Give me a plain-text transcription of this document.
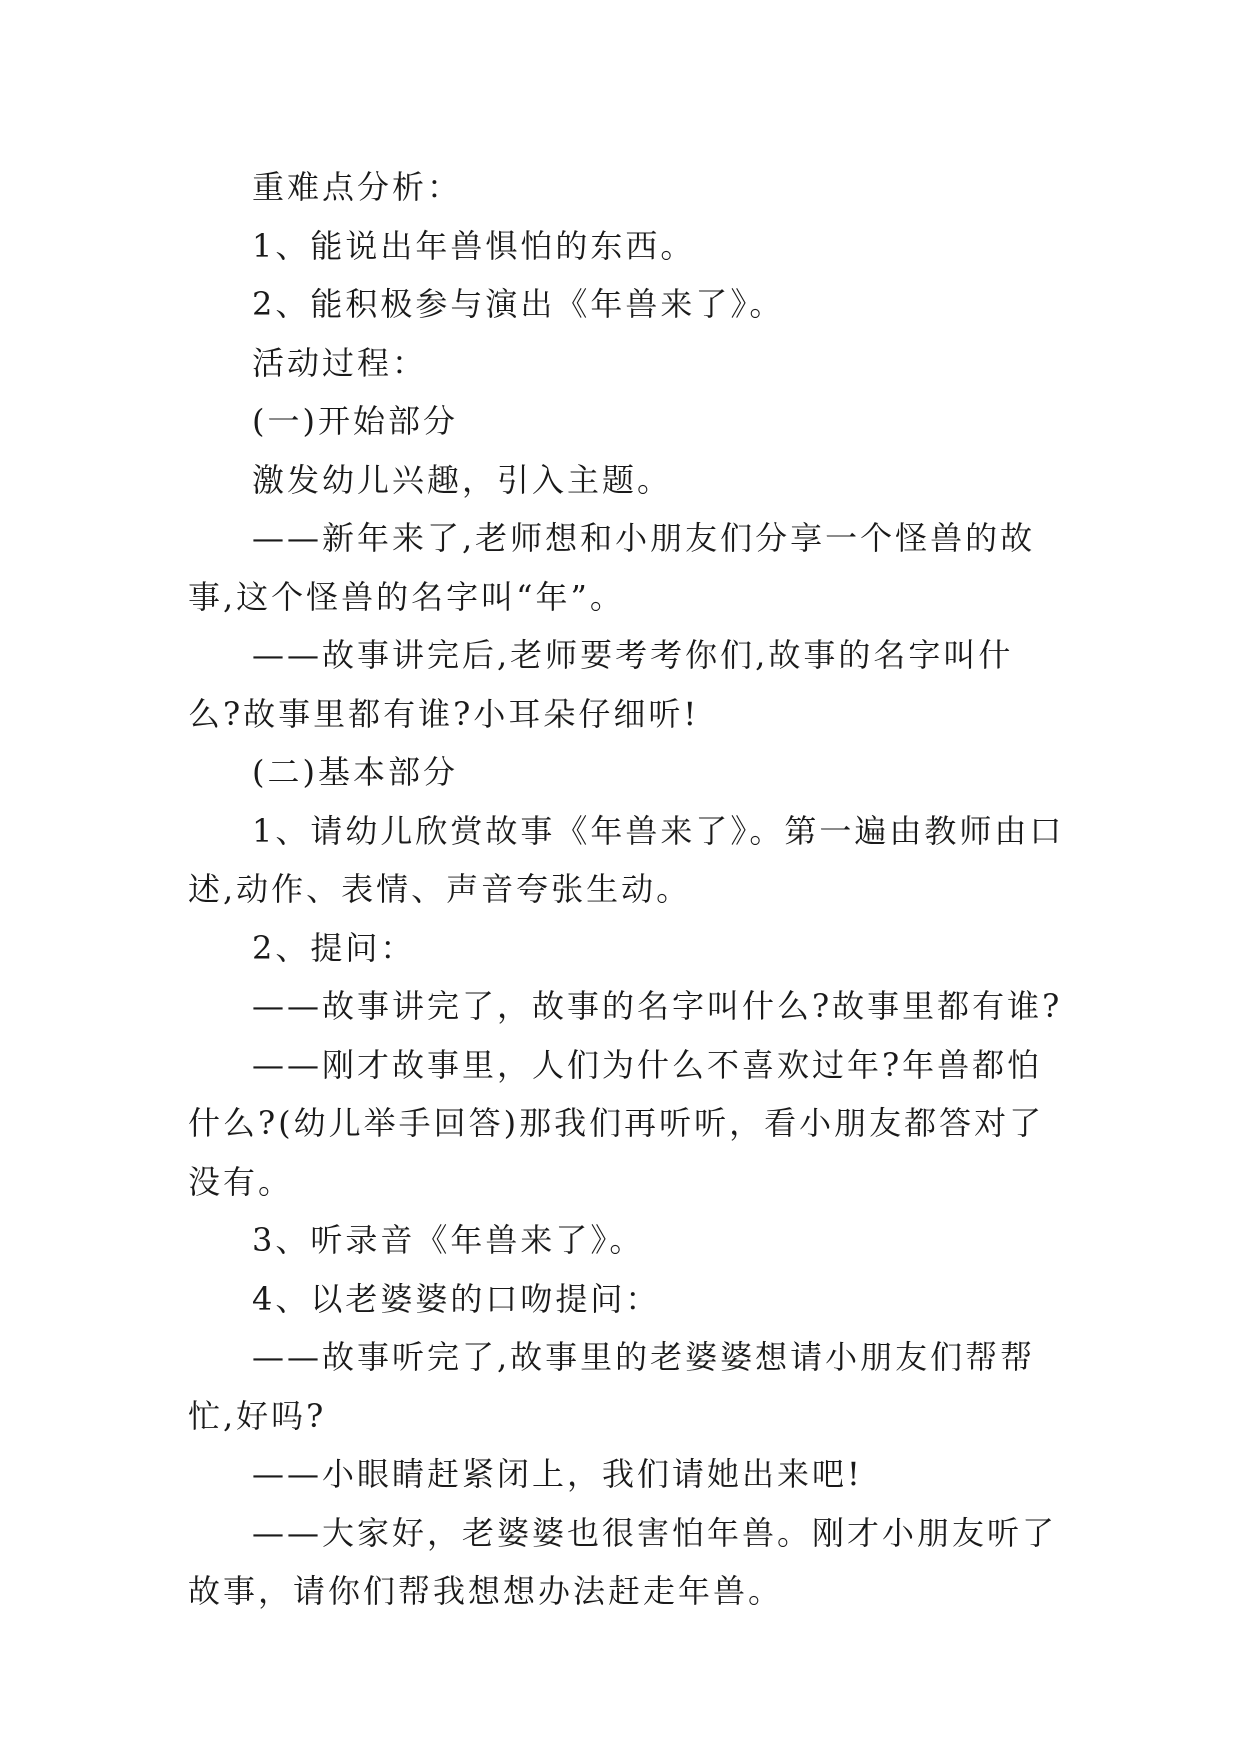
重难点分析：

1、能说出年兽惧怕的东西。

2、能积极参与演出《年兽来了》。

活动过程：

(一)开始部分

激发幼儿兴趣，引入主题。

——新年来了,老师想和小朋友们分享一个怪兽的故事,这个怪兽的名字叫“年”。

——故事讲完后,老师要考考你们,故事的名字叫什么?故事里都有谁?小耳朵仔细听!

(二)基本部分

1、请幼儿欣赏故事《年兽来了》。第一遍由教师由口述,动作、表情、声音夸张生动。

2、提问：

——故事讲完了，故事的名字叫什么?故事里都有谁?

——刚才故事里，人们为什么不喜欢过年?年兽都怕什么?(幼儿举手回答)那我们再听听，看小朋友都答对了没有。

3、听录音《年兽来了》。

4、以老婆婆的口吻提问：

——故事听完了,故事里的老婆婆想请小朋友们帮帮忙,好吗?

——小眼睛赶紧闭上，我们请她出来吧!

——大家好，老婆婆也很害怕年兽。刚才小朋友听了故事，请你们帮我想想办法赶走年兽。
